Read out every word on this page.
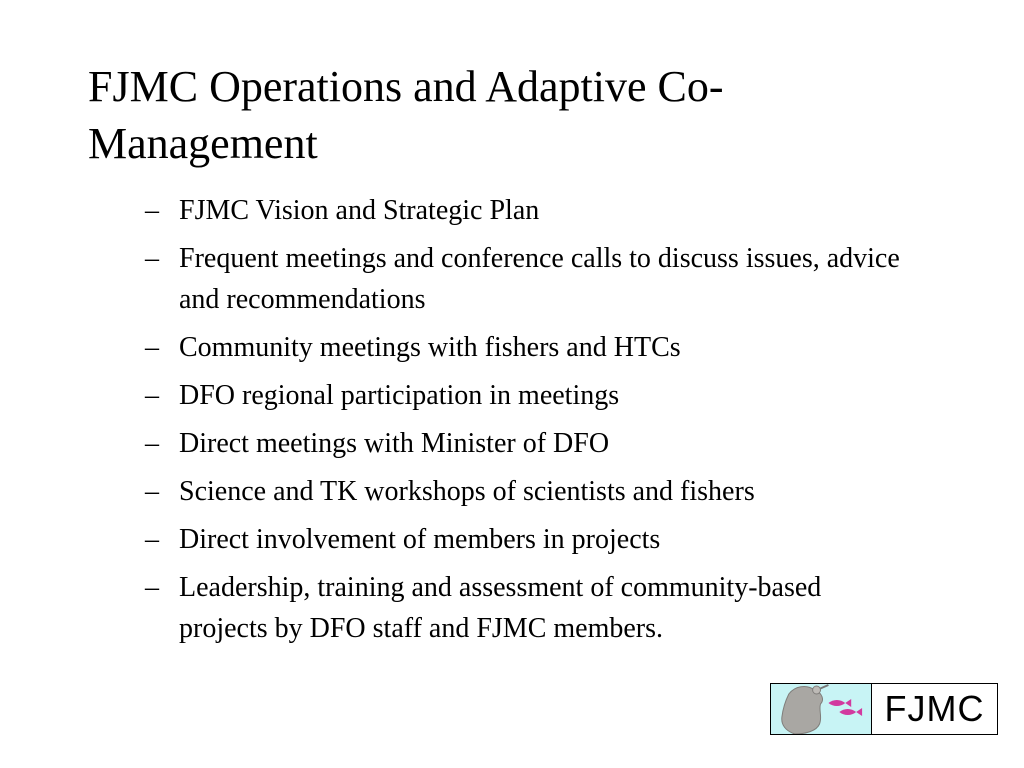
FJMC Operations and Adaptive Co-Management
– FJMC Vision and Strategic Plan
– Frequent meetings and conference calls to discuss issues, advice and recommendations
– Community meetings with fishers and HTCs
– DFO regional participation in meetings
– Direct meetings with Minister of DFO
– Science and TK workshops of scientists and fishers
– Direct involvement of members in projects
– Leadership, training and assessment of community-based projects by DFO staff and FJMC members.
FJMC
